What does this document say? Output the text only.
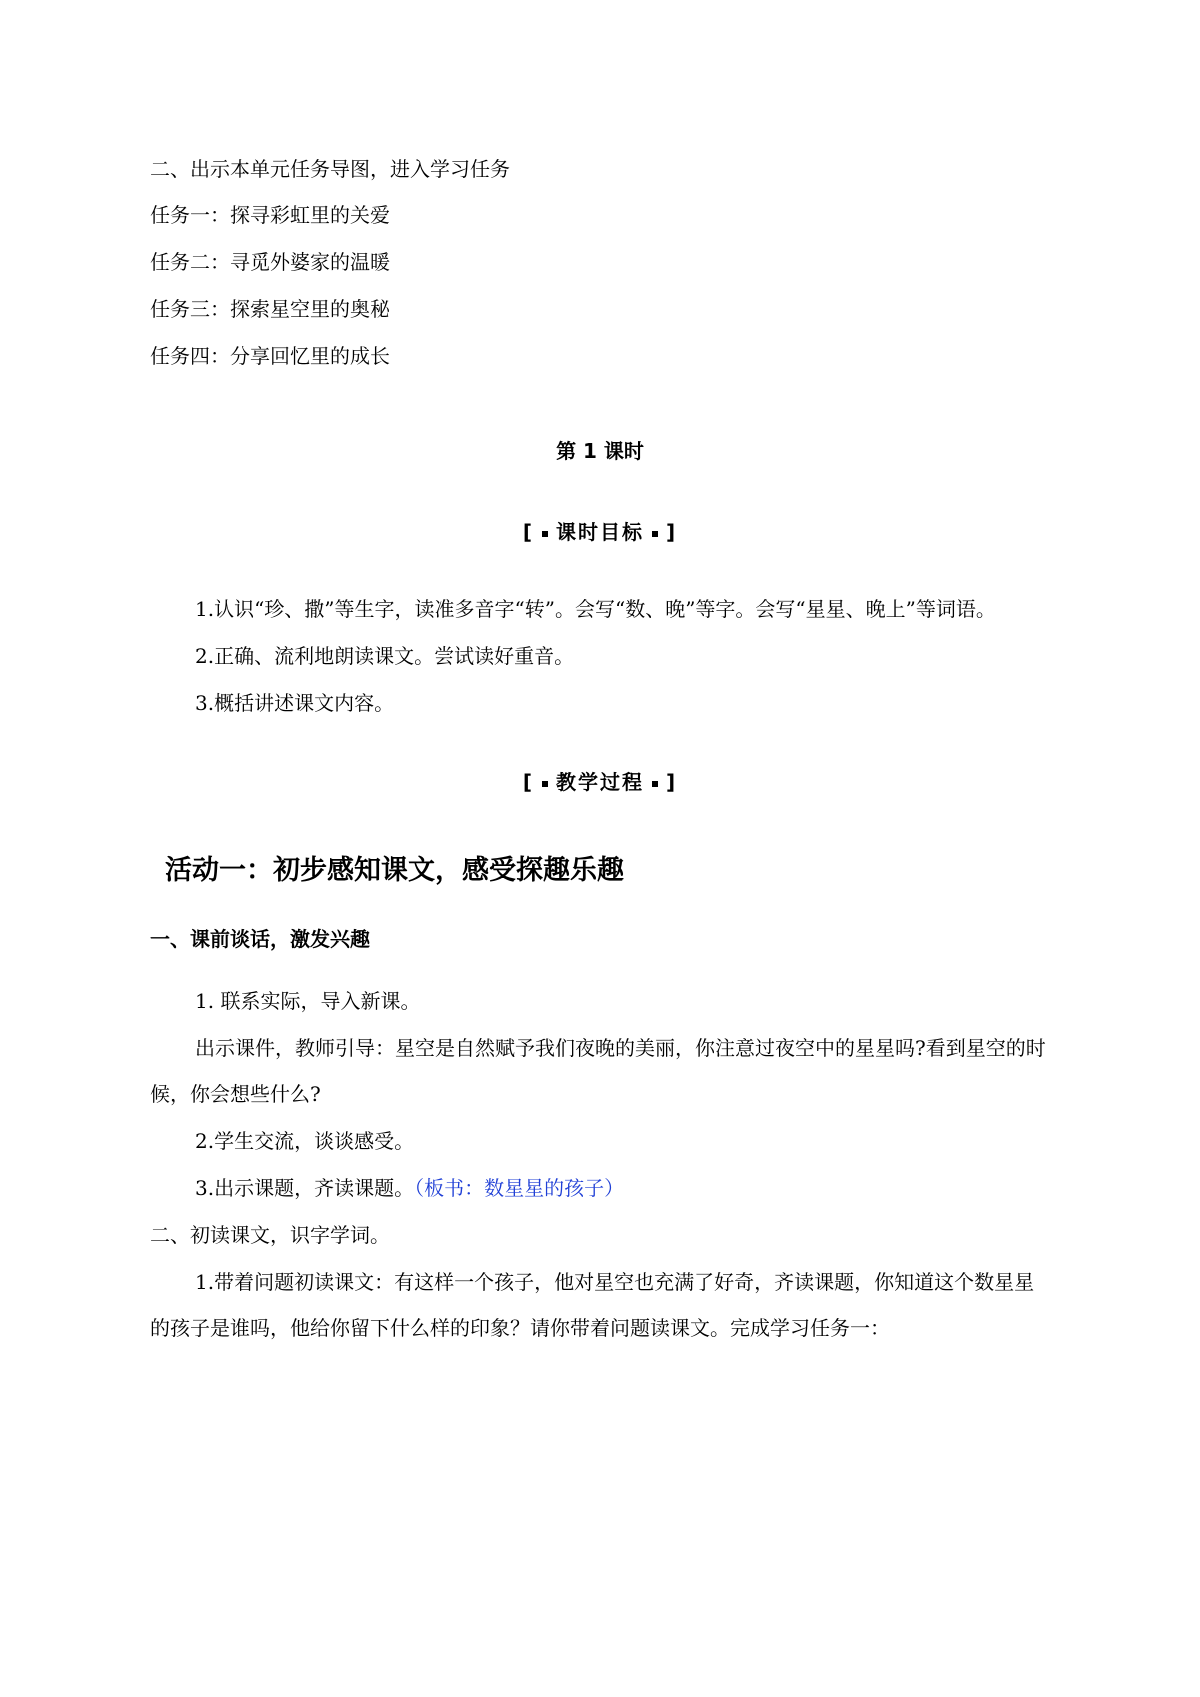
二、出示本单元任务导图，进入学习任务
任务一：探寻彩虹里的关爱
任务二：寻觅外婆家的温暖
任务三：探索星空里的奥秘
任务四：分享回忆里的成长
第 1 课时
[ 课时目标 ]
1.认识“珍、撒”等生字，读准多音字“转”。会写“数、晚”等字。会写“星星、晚上”等词语。
2.正确、流利地朗读课文。尝试读好重音。
3.概括讲述课文内容。
[ 教学过程 ]
活动一：初步感知课文，感受探趣乐趣
一、课前谈话，激发兴趣
1. 联系实际，导入新课。
出示课件，教师引导：星空是自然赋予我们夜晚的美丽，你注意过夜空中的星星吗?看到星空的时
候，你会想些什么?
2.学生交流，谈谈感受。
3.出示课题，齐读课题。（板书：数星星的孩子）
二、初读课文，识字学词。
1.带着问题初读课文：有这样一个孩子，他对星空也充满了好奇，齐读课题，你知道这个数星星
的孩子是谁吗，他给你留下什么样的印象？请你带着问题读课文。完成学习任务一：
